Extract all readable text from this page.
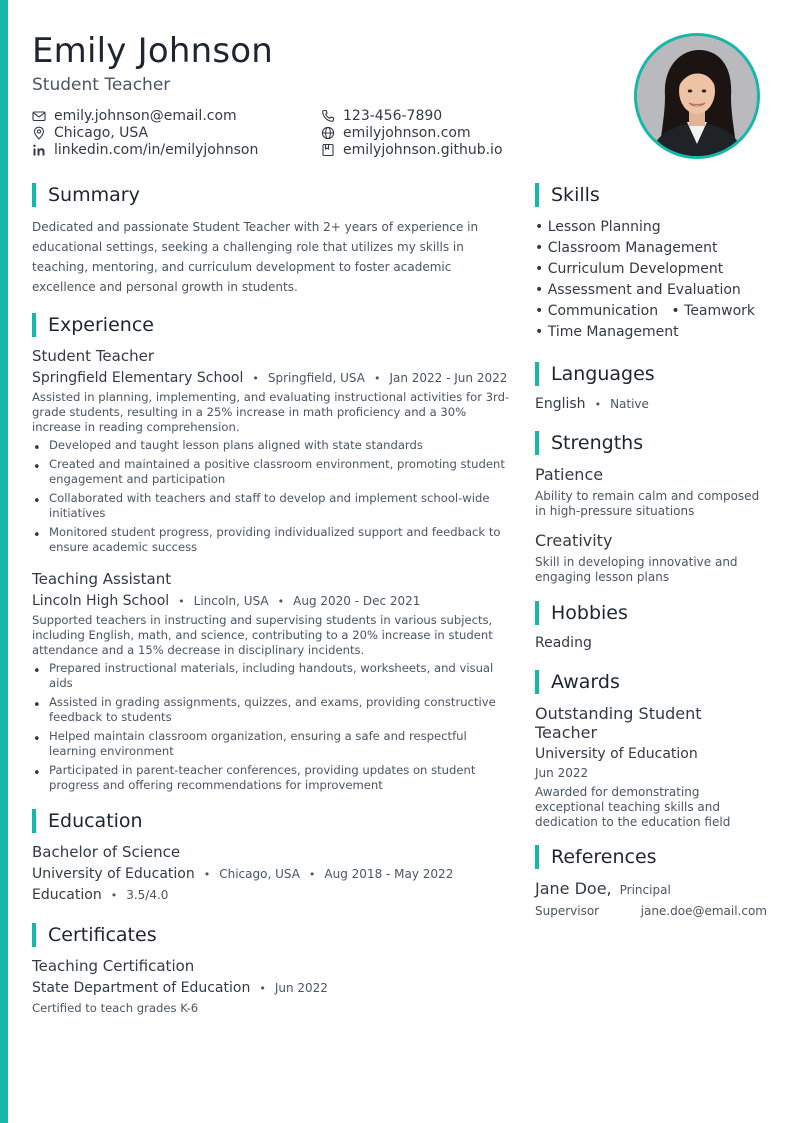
Emily Johnson
Student Teacher
emily.johnson@email.com	123-456-7890
Chicago, USA	emilyjohnson.com
linkedin.com/in/emilyjohnson	emilyjohnson.github.io
Summary
Dedicated and passionate Student Teacher with 2+ years of experience in educational settings, seeking a challenging role that utilizes my skills in teaching, mentoring, and curriculum development to foster academic excellence and personal growth in students.
Experience
Student Teacher
Springfield Elementary School • Springfield, USA • Jan 2022 - Jun 2022
Assisted in planning, implementing, and evaluating instructional activities for 3rd-grade students, resulting in a 25% increase in math proficiency and a 30% increase in reading comprehension.
• Developed and taught lesson plans aligned with state standards
• Created and maintained a positive classroom environment, promoting student engagement and participation
• Collaborated with teachers and staff to develop and implement school-wide initiatives
• Monitored student progress, providing individualized support and feedback to ensure academic success
Teaching Assistant
Lincoln High School • Lincoln, USA • Aug 2020 - Dec 2021
Supported teachers in instructing and supervising students in various subjects, including English, math, and science, contributing to a 20% increase in student attendance and a 15% decrease in disciplinary incidents.
• Prepared instructional materials, including handouts, worksheets, and visual aids
• Assisted in grading assignments, quizzes, and exams, providing constructive feedback to students
• Helped maintain classroom organization, ensuring a safe and respectful learning environment
• Participated in parent-teacher conferences, providing updates on student progress and offering recommendations for improvement
Education
Bachelor of Science
University of Education • Chicago, USA • Aug 2018 - May 2022
Education • 3.5/4.0
Certificates
Teaching Certification
State Department of Education • Jun 2022
Certified to teach grades K-6
Skills
• Lesson Planning
• Classroom Management
• Curriculum Development
• Assessment and Evaluation
• Communication   • Teamwork
• Time Management
Languages
English • Native
Strengths
Patience
Ability to remain calm and composed in high-pressure situations
Creativity
Skill in developing innovative and engaging lesson plans
Hobbies
Reading
Awards
Outstanding Student Teacher
University of Education
Jun 2022
Awarded for demonstrating exceptional teaching skills and dedication to the education field
References
Jane Doe, Principal
Supervisor	jane.doe@email.com
